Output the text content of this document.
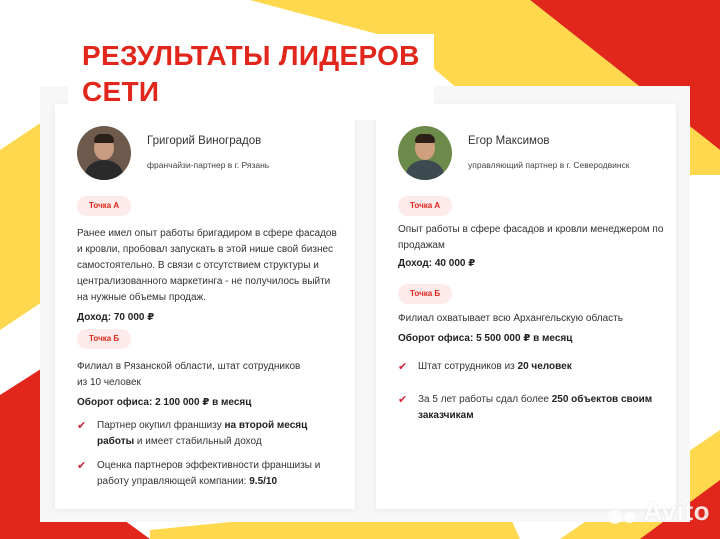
РЕЗУЛЬТАТЫ ЛИДЕРОВ
СЕТИ
Григорий Виноградов
франчайзи-партнер в г. Рязань
Точка А
Ранее имел опыт работы бригадиром в сфере фасадов
и кровли, пробовал запускать в этой нише свой бизнес
самостоятельно. В связи с отсутствием структуры и
централизованного маркетинга - не получилось выйти
на нужные объемы продаж.
Доход: 70 000 ₽
Точка Б
Филиал в Рязанской области, штат сотрудников
из 10 человек
Оборот офиса: 2 100 000 ₽ в месяц
✔	Партнер окупил франшизу на второй месяц
работы и имеет стабильный доход
✔	Оценка партнеров эффективности франшизы и
работу управляющей компании: 9.5/10
Егор Максимов
управляющий партнер в г. Северодвинск
Точка А
Опыт работы в сфере фасадов и кровли менеджером по
продажам
Доход: 40 000 ₽
Точка Б
Филиал охватывает всю Архангельскую область
Оборот офиса: 5 500 000 ₽ в месяц
✔	Штат сотрудников из 20 человек
✔	За 5 лет работы сдал более 250 объектов своим
заказчикам
Avito
